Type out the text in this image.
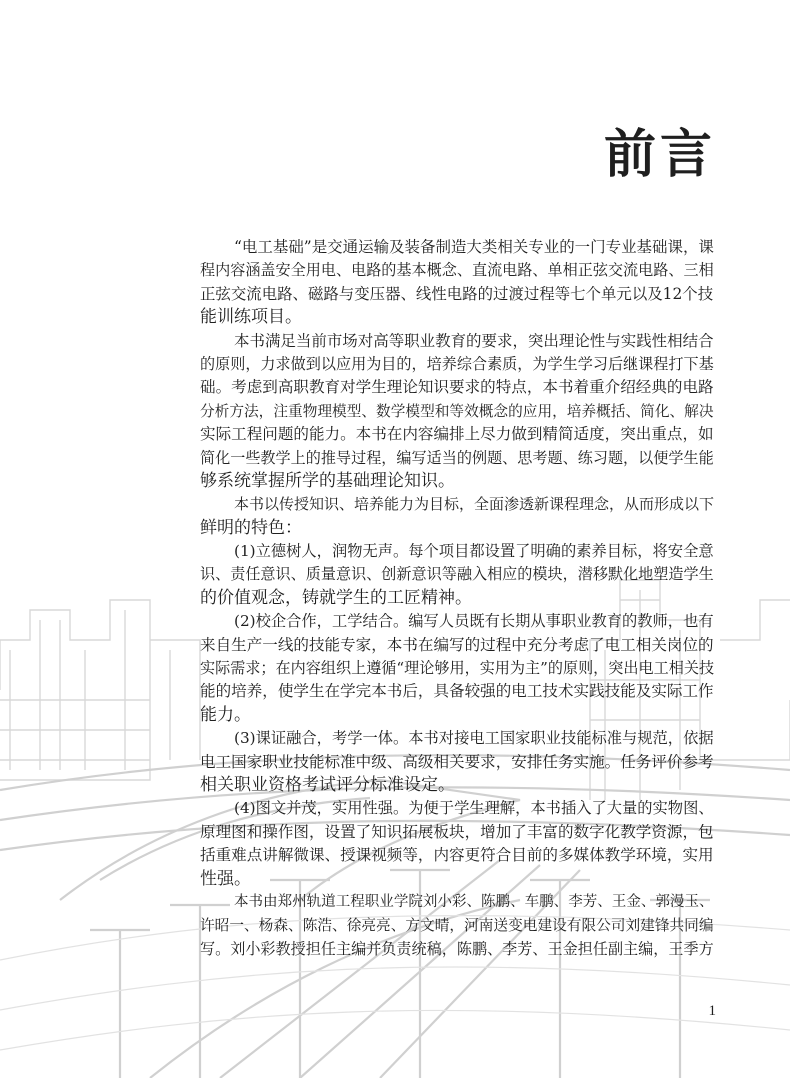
前言
“电工基础”是交通运输及装备制造大类相关专业的一门专业基础课，课
程内容涵盖安全用电、电路的基本概念、直流电路、单相正弦交流电路、三相
正弦交流电路、磁路与变压器、线性电路的过渡过程等七个单元以及12个技
能训练项目。
本书满足当前市场对高等职业教育的要求，突出理论性与实践性相结合
的原则，力求做到以应用为目的，培养综合素质，为学生学习后继课程打下基
础。考虑到高职教育对学生理论知识要求的特点，本书着重介绍经典的电路
分析方法，注重物理模型、数学模型和等效概念的应用，培养概括、简化、解决
实际工程问题的能力。本书在内容编排上尽力做到精简适度，突出重点，如
简化一些教学上的推导过程，编写适当的例题、思考题、练习题，以便学生能
够系统掌握所学的基础理论知识。
本书以传授知识、培养能力为目标，全面渗透新课程理念，从而形成以下
鲜明的特色：
(1)立德树人，润物无声。每个项目都设置了明确的素养目标，将安全意
识、责任意识、质量意识、创新意识等融入相应的模块，潜移默化地塑造学生
的价值观念，铸就学生的工匠精神。
(2)校企合作，工学结合。编写人员既有长期从事职业教育的教师，也有
来自生产一线的技能专家，本书在编写的过程中充分考虑了电工相关岗位的
实际需求；在内容组织上遵循“理论够用，实用为主”的原则，突出电工相关技
能的培养，使学生在学完本书后，具备较强的电工技术实践技能及实际工作
能力。
(3)课证融合，考学一体。本书对接电工国家职业技能标准与规范，依据
电工国家职业技能标准中级、高级相关要求，安排任务实施。任务评价参考
相关职业资格考试评分标准设定。
(4)图文并茂，实用性强。为便于学生理解，本书插入了大量的实物图、
原理图和操作图，设置了知识拓展板块，增加了丰富的数字化教学资源，包
括重难点讲解微课、授课视频等，内容更符合目前的多媒体教学环境，实用
性强。
本书由郑州轨道工程职业学院刘小彩、陈鹏、车鹏、李芳、王金、郭漫玉、
许昭一、杨森、陈浩、徐亮亮、方文晴，河南送变电建设有限公司刘建锋共同编
写。刘小彩教授担任主编并负责统稿，陈鹏、李芳、王金担任副主编，王季方
1
